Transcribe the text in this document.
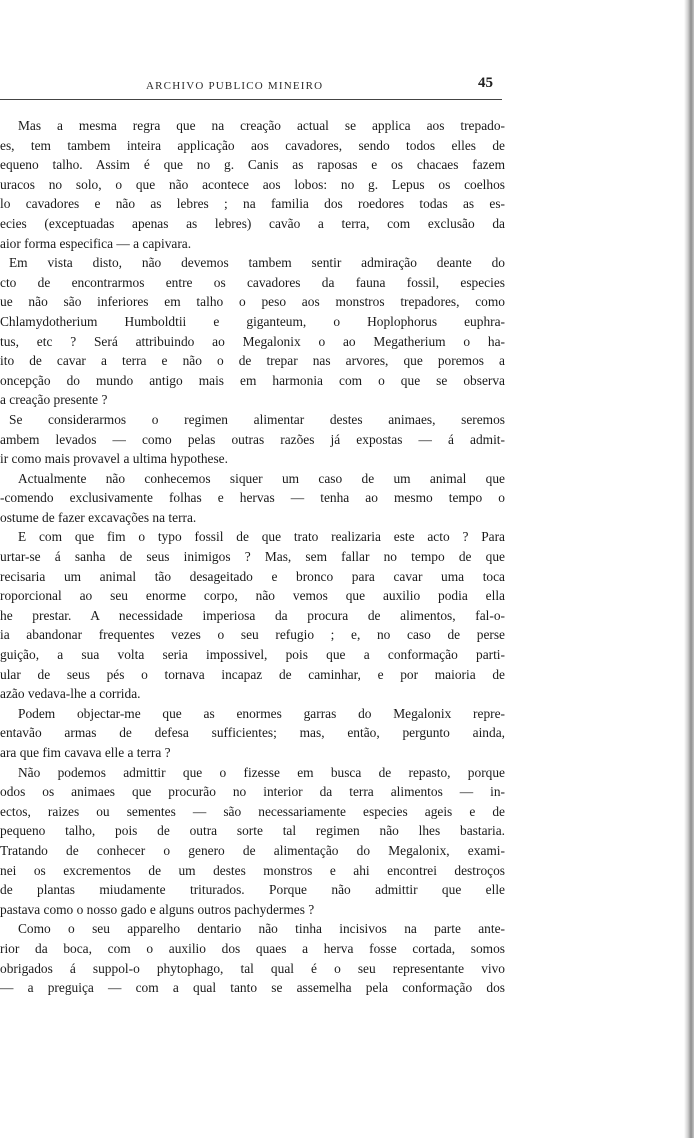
ARCHIVO PUBLICO MINEIRO	45
Mas a mesma regra que na creação actual se applica aos trepado-
es, tem tambem inteira applicação aos cavadores, sendo todos elles de
equeno talho. Assim é que no g. Canis as raposas e os chacaes fazem
uracos no solo, o que não acontece aos lobos: no g. Lepus os coelhos
lo cavadores e não as lebres ; na familia dos roedores todas as es-
ecies (exceptuadas apenas as lebres) cavão a terra, com exclusão da
aior forma especifica — a capivara.
Em vista disto, não devemos tambem sentir admiração deante do
cto de encontrarmos entre os cavadores da fauna fossil, especies
ue não são inferiores em talho o peso aos monstros trepadores, como
Chlamydotherium Humboldtii e giganteum, o Hoplophorus euphra-
tus, etc ? Será attribuindo ao Megalonix o ao Megatherium o ha-
ito de cavar a terra e não o de trepar nas arvores, que poremos a
oncepção do mundo antigo mais em harmonia com o que se observa
a creação presente ?
Se considerarmos o regimen alimentar destes animaes, seremos
ambem levados — como pelas outras razões já expostas — á admit-
ir como mais provavel a ultima hypothese.
Actualmente não conhecemos siquer um caso de um animal que
-comendo exclusivamente folhas e hervas — tenha ao mesmo tempo o
ostume de fazer excavações na terra.
E com que fim o typo fossil de que trato realizaria este acto ? Para
urtar-se á sanha de seus inimigos ? Mas, sem fallar no tempo de que
recisaria um animal tão desageitado e bronco para cavar uma toca
roporcional ao seu enorme corpo, não vemos que auxilio podia ella
he prestar. A necessidade imperiosa da procura de alimentos, fal-o-
ia abandonar frequentes vezes o seu refugio ; e, no caso de perse
guição, a sua volta seria impossivel, pois que a conformação parti-
ular de seus pés o tornava incapaz de caminhar, e por maioria de
azão vedava-lhe a corrida.
Podem objectar-me que as enormes garras do Megalonix repre-
entavão armas de defesa sufficientes; mas, então, pergunto ainda,
ara que fim cavava elle a terra ?
Não podemos admittir que o fizesse em busca de repasto, porque
odos os animaes que procurão no interior da terra alimentos — in-
ectos, raizes ou sementes — são necessariamente especies ageis e de
pequeno talho, pois de outra sorte tal regimen não lhes bastaria.
Tratando de conhecer o genero de alimentação do Megalonix, exami-
nei os excrementos de um destes monstros e ahi encontrei destroços
de plantas miudamente triturados. Porque não admittir que elle
pastava como o nosso gado e alguns outros pachydermes ?
Como o seu apparelho dentario não tinha incisivos na parte ante-
rior da boca, com o auxilio dos quaes a herva fosse cortada, somos
obrigados á suppol-o phytophago, tal qual é o seu representante vivo
— a preguiça — com a qual tanto se assemelha pela conformação dos
